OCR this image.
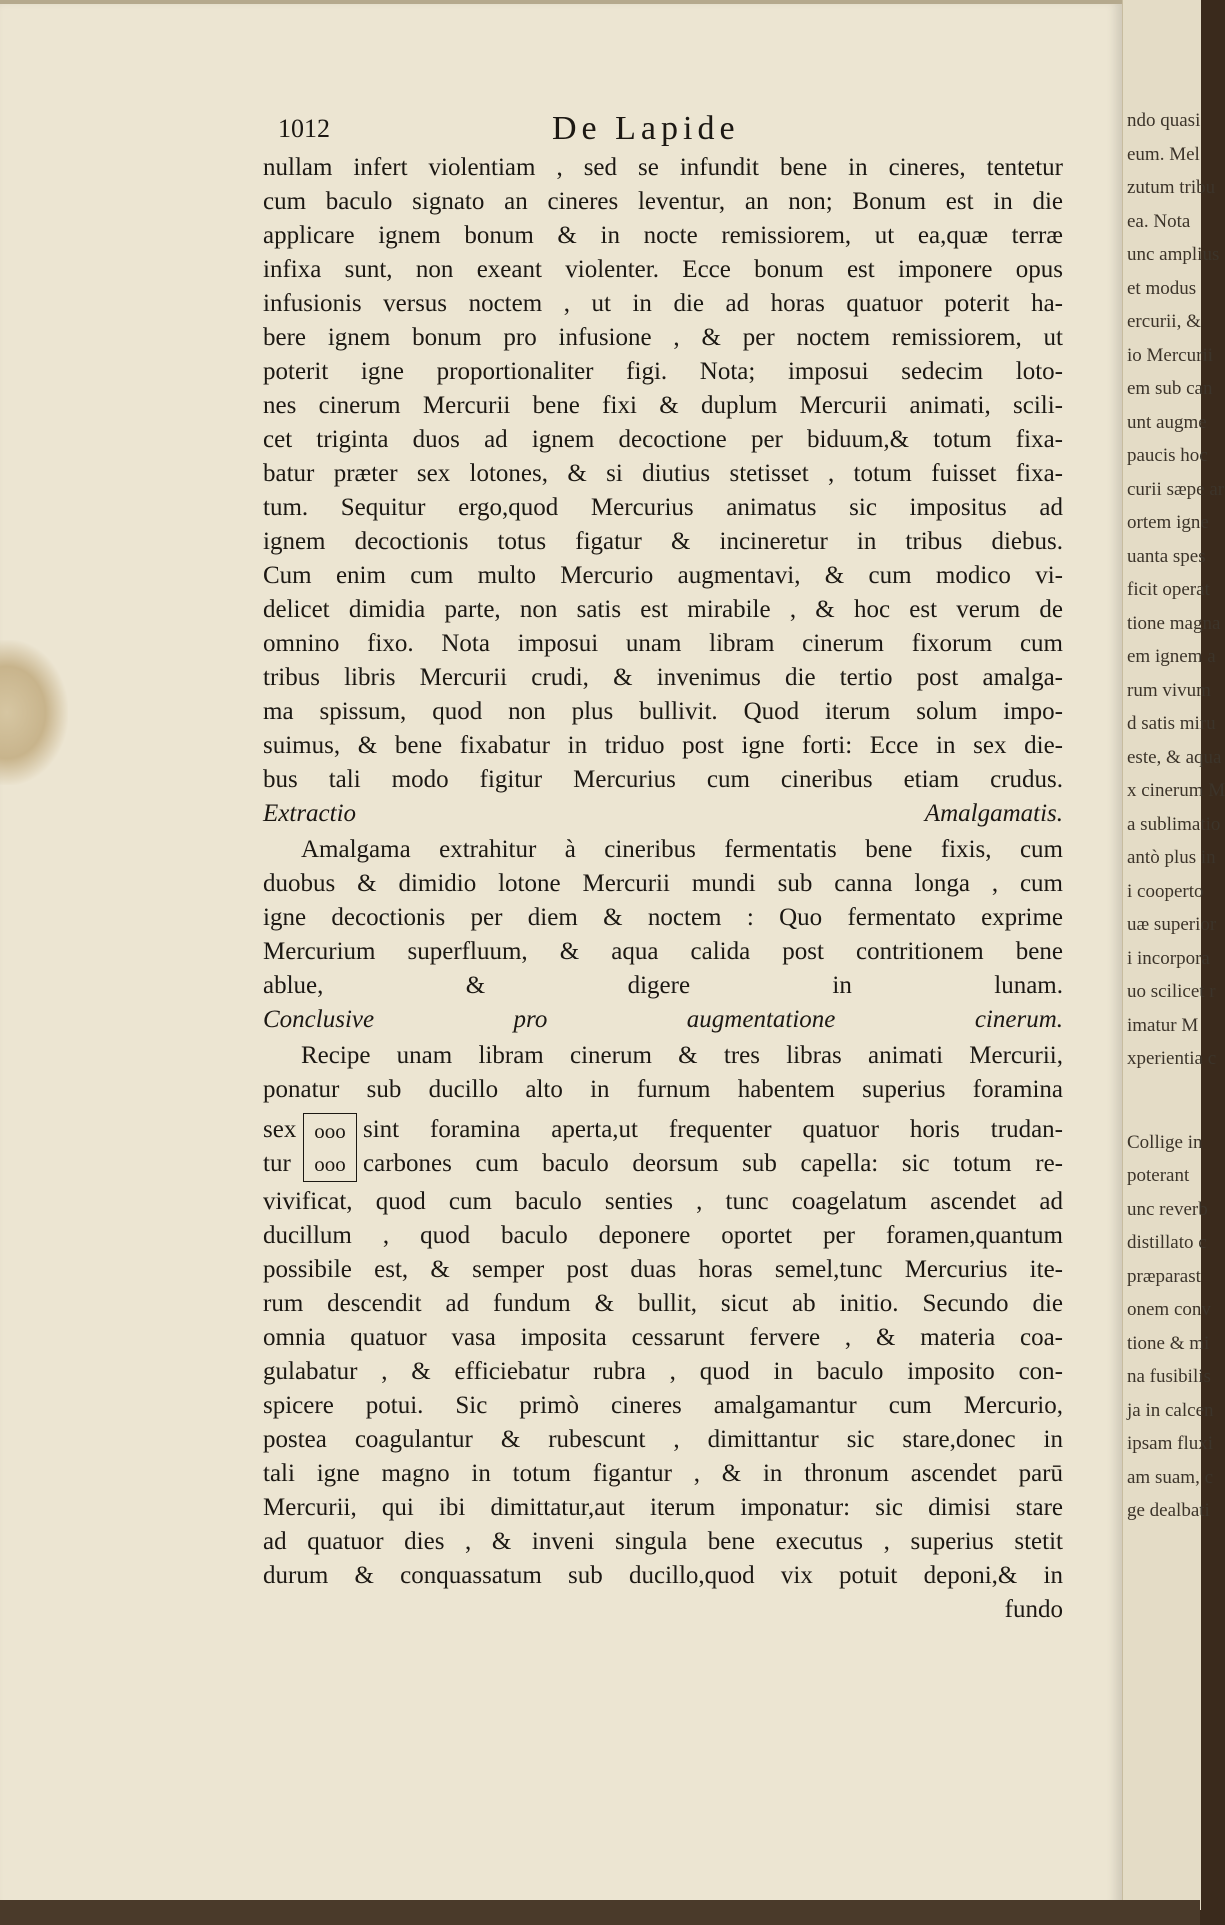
1012	De Lapide
nullam infert violentiam , sed se infundit bene in cineres, tentetur
cum baculo signato an cineres leventur, an non; Bonum est in die
applicare ignem bonum & in nocte remissiorem, ut ea,quæ terræ
infixa sunt, non exeant violenter. Ecce bonum est imponere opus
infusionis versus noctem , ut in die ad horas quatuor poterit ha-
bere ignem bonum pro infusione , & per noctem remissiorem, ut
poterit igne proportionaliter figi. Nota; imposui sedecim loto-
nes cinerum Mercurii bene fixi & duplum Mercurii animati, scili-
cet triginta duos ad ignem decoctione per biduum,& totum fixa-
batur præter sex lotones, & si diutius stetisset , totum fuisset fixa-
tum. Sequitur ergo,quod Mercurius animatus sic impositus ad
ignem decoctionis totus figatur & incineretur in tribus diebus.
Cum enim cum multo Mercurio augmentavi, & cum modico vi-
delicet dimidia parte, non satis est mirabile , & hoc est verum de
omnino fixo. Nota imposui unam libram cinerum fixorum cum
tribus libris Mercurii crudi, & invenimus die tertio post amalga-
ma spissum, quod non plus bullivit. Quod iterum solum impo-
suimus, & bene fixabatur in triduo post igne forti: Ecce in sex die-
bus tali modo figitur Mercurius cum cineribus etiam crudus.
Extractio Amalgamatis.
Amalgama extrahitur à cineribus fermentatis bene fixis, cum
duobus & dimidio lotone Mercurii mundi sub canna longa , cum
igne decoctionis per diem & noctem : Quo fermentato exprime
Mercurium superfluum, & aqua calida post contritionem bene
ablue, & digere in lunam.
Conclusive pro augmentatione cinerum.
Recipe unam libram cinerum & tres libras animati Mercurii,
ponatur sub ducillo alto in furnum habentem superius foramina
sex ooo sint foramina aperta,ut frequenter quatuor horis trudan-
tur	ooo carbones cum baculo deorsum sub capella: sic totum re-
vivificat, quod cum baculo senties , tunc coagelatum ascendet ad
ducillum , quod baculo deponere oportet per foramen,quantum
possibile est, & semper post duas horas semel,tunc Mercurius ite-
rum descendit ad fundum & bullit, sicut ab initio. Secundo die
omnia quatuor vasa imposita cessarunt fervere , & materia coa-
gulabatur , & efficiebatur rubra , quod in baculo imposito con-
spicere potui. Sic primò cineres amalgamantur cum Mercurio,
postea coagulantur & rubescunt , dimittantur sic stare,donec in
tali igne magno in totum figantur , & in thronum ascendet parū
Mercurii, qui ibi dimittatur,aut iterum imponatur: sic dimisi stare
ad quatuor dies , & inveni singula bene executus , superius stetit
durum & conquassatum sub ducillo,quod vix potuit deponi,& in
fundo
ndo quasi
eum. Mel
zutum tribu
ea. Nota
unc amplius
et modus
ercurii, &
io Mercurii
em sub can
unt augme
paucis hoc
curii sæpe ar
ortem igne
uanta spes
ficit operat
tione magna
em ignem a
rum vivum
d satis miru
este, & aqua
x cinerum M
a sublimatio
antò plus in
i cooperto
uæ superior
i incorpora
uo scilicet r
imatur M
xperientia c
Collige in
poterant
unc reverb
distillato c
præparast
onem conv
tione & mi
na fusibilis
ja in calcen
ipsam fluxi
am suam, c
ge dealbati
